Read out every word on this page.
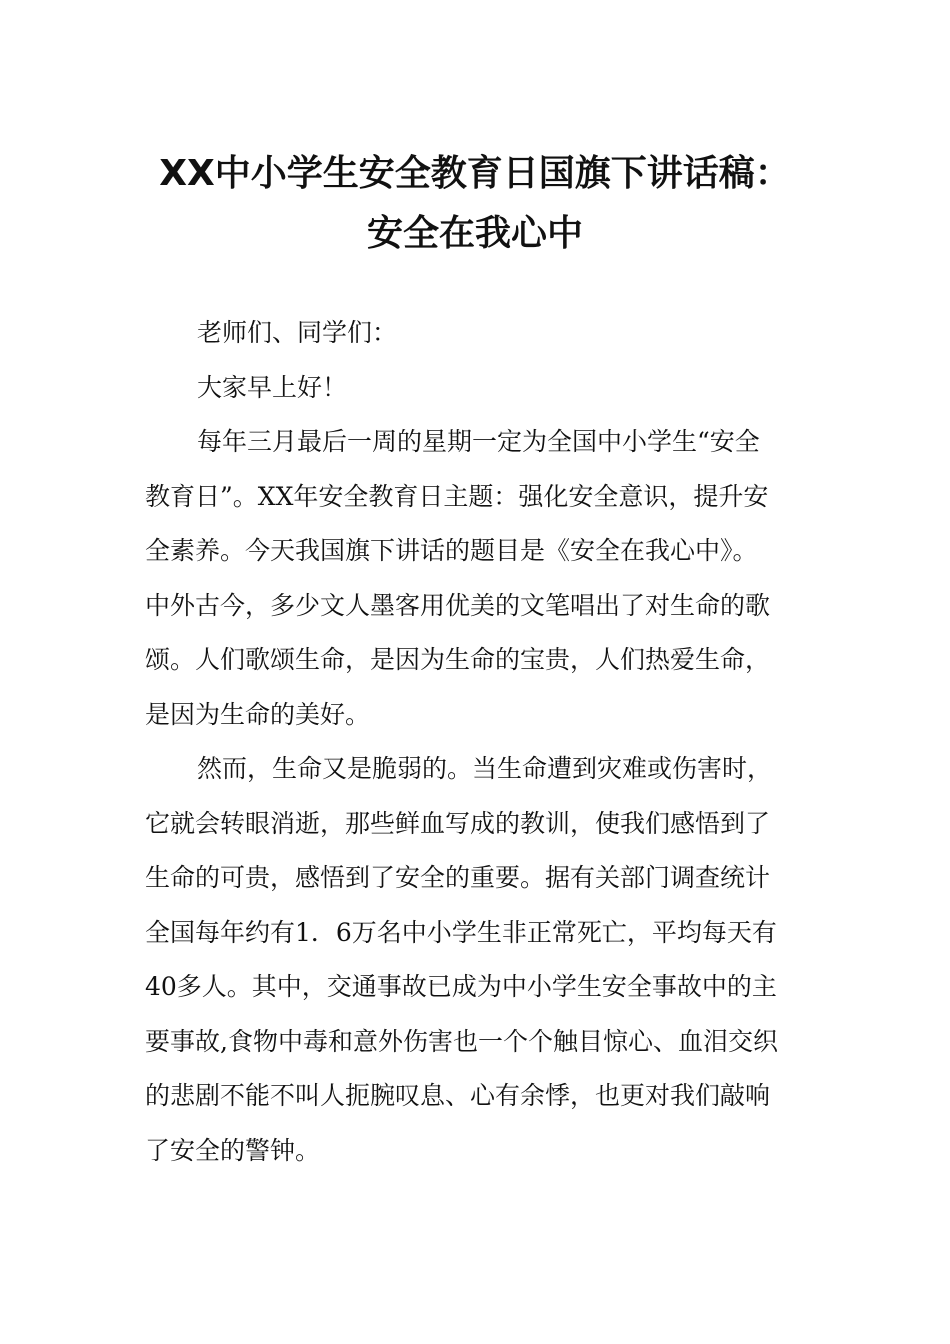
XX中小学生安全教育日国旗下讲话稿：
安全在我心中

老师们、同学们：

大家早上好！

每年三月最后一周的星期一定为全国中小学生“安全
教育日”。XX年安全教育日主题：强化安全意识，提升安
全素养。今天我国旗下讲话的题目是《安全在我心中》。
中外古今，多少文人墨客用优美的文笔唱出了对生命的歌
颂。人们歌颂生命，是因为生命的宝贵，人们热爱生命，
是因为生命的美好。

然而，生命又是脆弱的。当生命遭到灾难或伤害时，
它就会转眼消逝，那些鲜血写成的教训，使我们感悟到了
生命的可贵，感悟到了安全的重要。据有关部门调查统计
全国每年约有1．6万名中小学生非正常死亡，平均每天有
40多人。其中，交通事故已成为中小学生安全事故中的主
要事故,食物中毒和意外伤害也一个个触目惊心、血泪交织
的悲剧不能不叫人扼腕叹息、心有余悸，也更对我们敲响
了安全的警钟。
